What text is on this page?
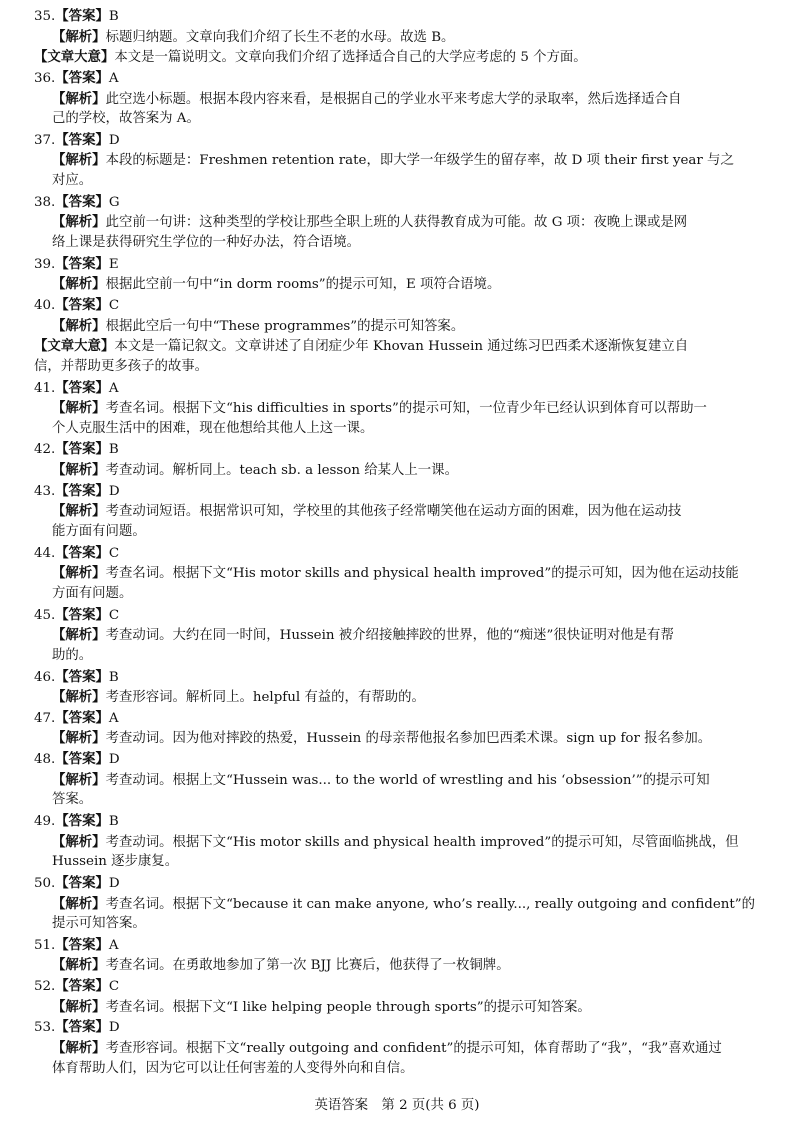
35.【答案】B
【解析】标题归纳题。文章向我们介绍了长生不老的水母。故选 B。
【文章大意】本文是一篇说明文。文章向我们介绍了选择适合自己的大学应考虑的 5 个方面。
36.【答案】A
【解析】此空选小标题。根据本段内容来看，是根据自己的学业水平来考虑大学的录取率，然后选择适合自
己的学校，故答案为 A。
37.【答案】D
【解析】本段的标题是：Freshmen retention rate，即大学一年级学生的留存率，故 D 项 their first year 与之
对应。
38.【答案】G
【解析】此空前一句讲：这种类型的学校让那些全职上班的人获得教育成为可能。故 G 项：夜晚上课或是网
络上课是获得研究生学位的一种好办法，符合语境。
39.【答案】E
【解析】根据此空前一句中“in dorm rooms”的提示可知，E 项符合语境。
40.【答案】C
【解析】根据此空后一句中“These programmes”的提示可知答案。
【文章大意】本文是一篇记叙文。文章讲述了自闭症少年 Khovan Hussein 通过练习巴西柔术逐渐恢复建立自
信，并帮助更多孩子的故事。
41.【答案】A
【解析】考查名词。根据下文“his difficulties in sports”的提示可知，一位青少年已经认识到体育可以帮助一
个人克服生活中的困难，现在他想给其他人上这一课。
42.【答案】B
【解析】考查动词。解析同上。teach sb. a lesson 给某人上一课。
43.【答案】D
【解析】考查动词短语。根据常识可知，学校里的其他孩子经常嘲笑他在运动方面的困难，因为他在运动技
能方面有问题。
44.【答案】C
【解析】考查名词。根据下文“His motor skills and physical health improved”的提示可知，因为他在运动技能
方面有问题。
45.【答案】C
【解析】考查动词。大约在同一时间，Hussein 被介绍接触摔跤的世界，他的“痴迷”很快证明对他是有帮
助的。
46.【答案】B
【解析】考查形容词。解析同上。helpful 有益的，有帮助的。
47.【答案】A
【解析】考查动词。因为他对摔跤的热爱，Hussein 的母亲帮他报名参加巴西柔术课。sign up for 报名参加。
48.【答案】D
【解析】考查动词。根据上文“Hussein was... to the world of wrestling and his ‘obsession’”的提示可知
答案。
49.【答案】B
【解析】考查动词。根据下文“His motor skills and physical health improved”的提示可知，尽管面临挑战，但
Hussein 逐步康复。
50.【答案】D
【解析】考查名词。根据下文“because it can make anyone, who’s really..., really outgoing and confident”的
提示可知答案。
51.【答案】A
【解析】考查名词。在勇敢地参加了第一次 BJJ 比赛后，他获得了一枚铜牌。
52.【答案】C
【解析】考查名词。根据下文“I like helping people through sports”的提示可知答案。
53.【答案】D
【解析】考查形容词。根据下文“really outgoing and confident”的提示可知，体育帮助了“我”，“我”喜欢通过
体育帮助人们，因为它可以让任何害羞的人变得外向和自信。
英语答案　第 2 页(共 6 页)
